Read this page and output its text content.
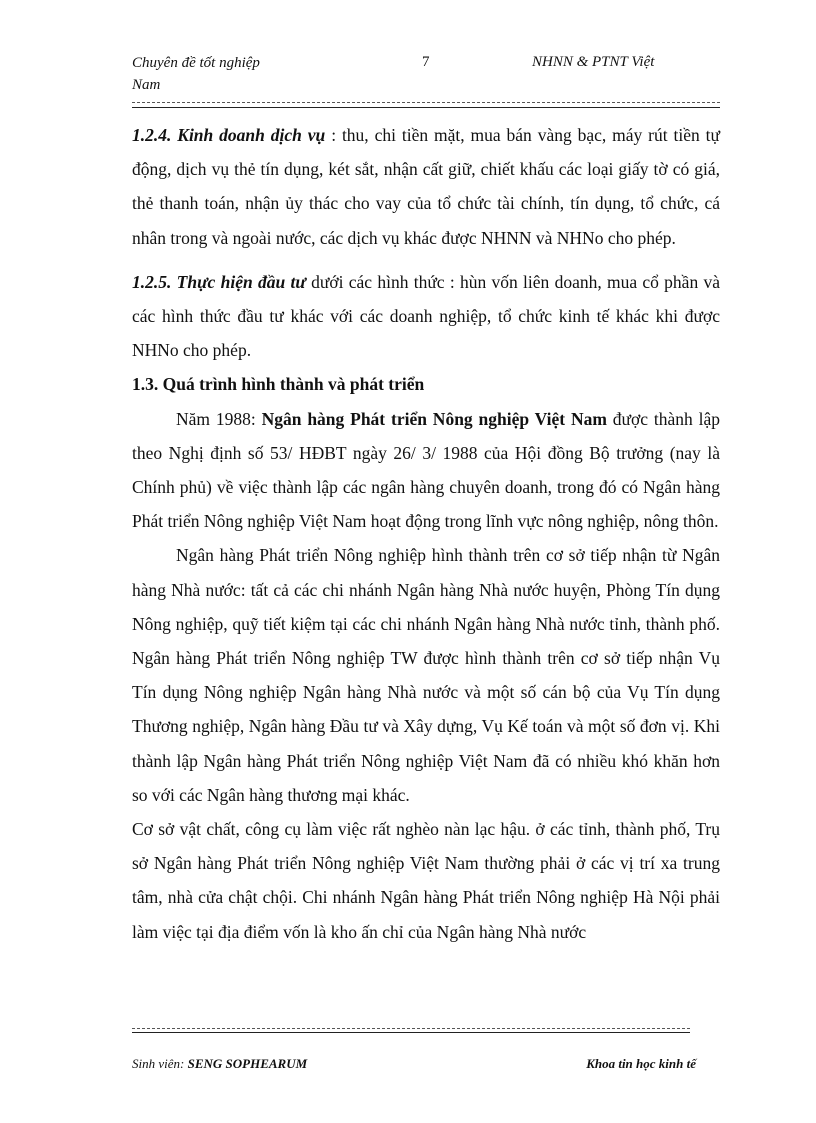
Chuyên đề tốt nghiệp
Nam
7	NHNN & PTNT Việt

1.2.4. Kinh doanh dịch vụ : thu, chi tiền mặt, mua bán vàng bạc, máy rút tiền tự động, dịch vụ thẻ tín dụng, két sắt, nhận cất giữ, chiết khấu các loại giấy tờ có giá, thẻ thanh toán, nhận ủy thác cho vay của tổ chức tài chính, tín dụng, tổ chức, cá nhân trong và ngoài nước, các dịch vụ khác được NHNN và NHNo cho phép.

1.2.5. Thực hiện đầu tư dưới các hình thức : hùn vốn liên doanh, mua cổ phần và các hình thức đầu tư khác với các doanh nghiệp, tổ chức kinh tế khác khi được NHNo cho phép.

1.3. Quá trình hình thành và phát triển

Năm 1988: Ngân hàng Phát triển Nông nghiệp Việt Nam được thành lập theo Nghị định số 53/ HĐBT ngày 26/ 3/ 1988 của Hội đồng Bộ trưởng (nay là Chính phủ) về việc thành lập các ngân hàng chuyên doanh, trong đó có Ngân hàng Phát triển Nông nghiệp Việt Nam hoạt động trong lĩnh vực nông nghiệp, nông thôn.

Ngân hàng Phát triển Nông nghiệp hình thành trên cơ sở tiếp nhận từ Ngân hàng Nhà nước: tất cả các chi nhánh Ngân hàng Nhà nước huyện, Phòng Tín dụng Nông nghiệp, quỹ tiết kiệm tại các chi nhánh Ngân hàng Nhà nước tỉnh, thành phố. Ngân hàng Phát triển Nông nghiệp TW được hình thành trên cơ sở tiếp nhận Vụ Tín dụng Nông nghiệp Ngân hàng Nhà nước và một số cán bộ của Vụ Tín dụng Thương nghiệp, Ngân hàng Đầu tư và Xây dựng, Vụ Kế toán và một số đơn vị. Khi thành lập Ngân hàng Phát triển Nông nghiệp Việt Nam đã có nhiều khó khăn hơn so với các Ngân hàng thương mại khác.

Cơ sở vật chất, công cụ làm việc rất nghèo nàn lạc hậu. ở các tỉnh, thành phố, Trụ sở Ngân hàng Phát triển Nông nghiệp Việt Nam thường phải ở các vị trí xa trung tâm, nhà cửa chật chội. Chi nhánh Ngân hàng Phát triển Nông nghiệp Hà Nội phải làm việc tại địa điểm vốn là kho ấn chỉ của Ngân hàng Nhà nước

Sinh viên: SENG SOPHEARUM	Khoa tin học kinh tế
